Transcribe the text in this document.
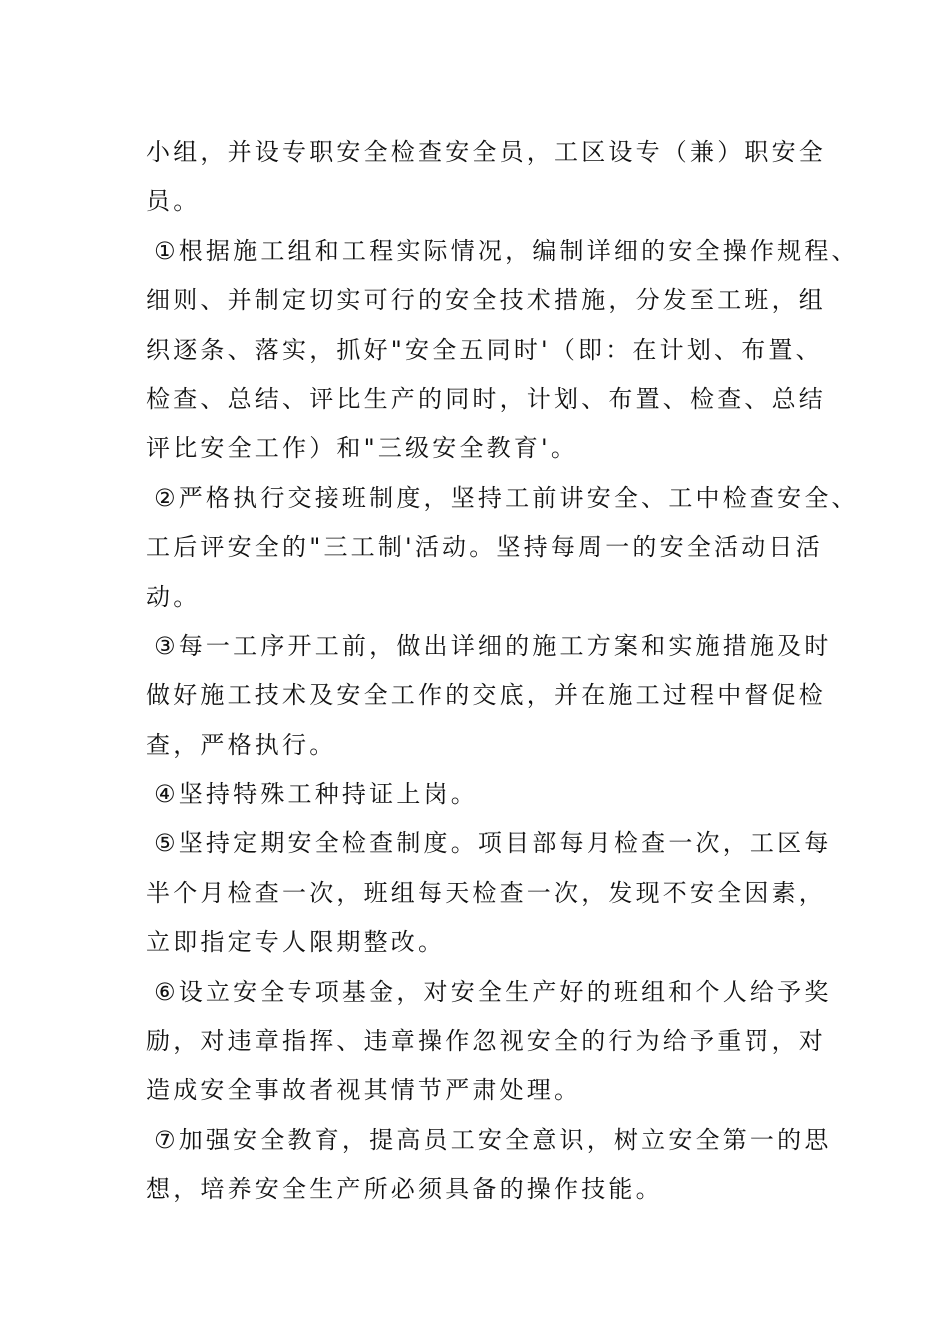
小组，并设专职安全检查安全员，工区设专（兼）职安全
员。
①根据施工组和工程实际情况，编制详细的安全操作规程、
细则、并制定切实可行的安全技术措施，分发至工班，组
织逐条、落实，抓好"安全五同时'（即：在计划、布置、
检查、总结、评比生产的同时，计划、布置、检查、总结
评比安全工作）和"三级安全教育'。
②严格执行交接班制度，坚持工前讲安全、工中检查安全、
工后评安全的"三工制'活动。坚持每周一的安全活动日活
动。
③每一工序开工前，做出详细的施工方案和实施措施及时
做好施工技术及安全工作的交底，并在施工过程中督促检
查，严格执行。
④坚持特殊工种持证上岗。
⑤坚持定期安全检查制度。项目部每月检查一次，工区每
半个月检查一次，班组每天检查一次，发现不安全因素，
立即指定专人限期整改。
⑥设立安全专项基金，对安全生产好的班组和个人给予奖
励，对违章指挥、违章操作忽视安全的行为给予重罚，对
造成安全事故者视其情节严肃处理。
⑦加强安全教育，提高员工安全意识，树立安全第一的思
想，培养安全生产所必须具备的操作技能。
